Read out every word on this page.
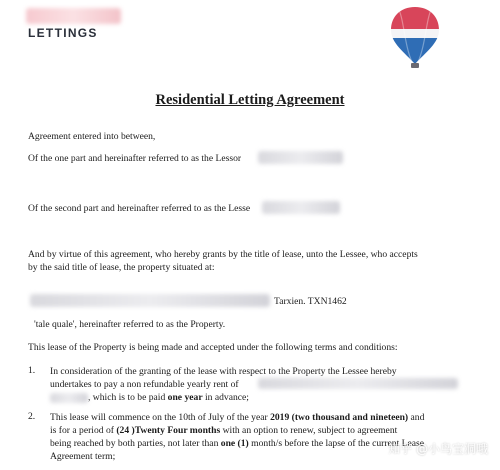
LETTINGS
Residential Letting Agreement
Agreement entered into between,
Of the one part and hereinafter referred to as the Lessor
Of the second part and hereinafter referred to as the Lesse
And by virtue of this agreement, who hereby grants by the title of lease, unto the Lessee, who accepts
by the said title of lease, the property situated at:
Tarxien. TXN1462
'tale quale', hereinafter referred to as the Property.
This lease of the Property is being made and accepted under the following terms and conditions:
1. In consideration of the granting of the lease with respect to the Property the Lessee hereby
undertakes to pay a non refundable yearly rent of
, which is to be paid one year in advance;
2. This lease will commence on the 10th of July of the year 2019 (two thousand and nineteen) and
is for a period of (24 )Twenty Four months with an option to renew, subject to agreement
being reached by both parties, not later than one (1) month/s before the lapse of the current Lease
Agreement term;
知乎 @小鸟宝洞哦
